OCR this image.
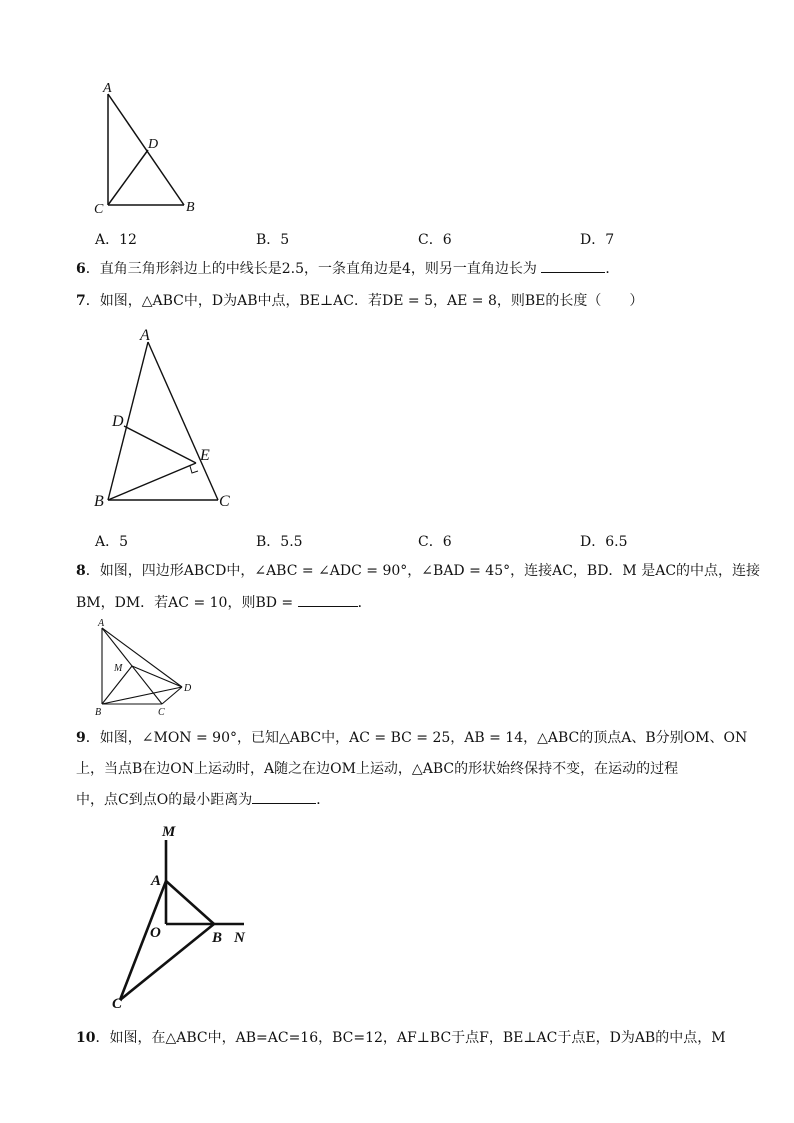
A
D
C	B
A．12	B．5	C．6	D．7
6．直角三角形斜边上的中线长是2.5，一条直角边是4，则另一直角边长为	．
7．如图，△ABC中，D为AB中点，BE⊥AC．若DE = 5，AE = 8，则BE的长度（　　）
A
D
E
B	C
A．5	B．5.5	C．6	D．6.5
8．如图，四边形ABCD中，∠ABC = ∠ADC = 90°，∠BAD = 45°，连接AC，BD．M 是AC的中点，连接
BM，DM．若AC = 10，则BD =	．
A
M
D
B	C
9．如图，∠MON = 90°，已知△ABC中，AC = BC = 25，AB = 14，△ABC的顶点A、B分别OM、ON
上，当点B在边ON上运动时，A随之在边OM上运动，△ABC的形状始终保持不变，在运动的过程
中，点C到点O的最小距离为	．
M
A
O	B N
C
10．如图，在△ABC中，AB=AC=16，BC=12，AF⊥BC于点F，BE⊥AC于点E，D为AB的中点，M
